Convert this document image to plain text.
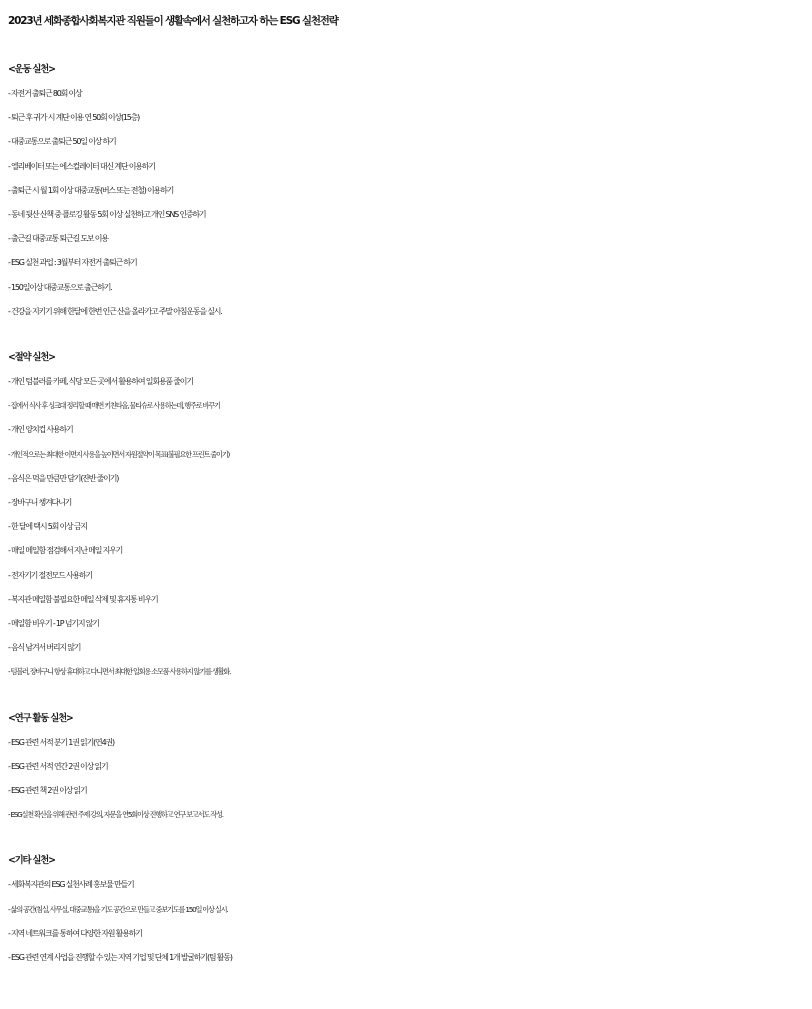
2023년 세화종합사회복지관 직원들이 생활속에서 실천하고자 하는 ESG 실천전략
<운동 실천>
- 자전거 출퇴근 80회 이상
- 퇴근 후 귀가 시 계단 이용 연 50회 이상(15층)
- 대중교통으로 출퇴근 50일 이상 하기
- 엘리베이터 또는 에스컬레이터 대신 계단 이용하기
- 출퇴근 시 월 1회 이상 대중교통(버스 또는 전철) 이용하기
- 동네 뒷산 산책 중 플로깅 활동 5회 이상 실천하고 개인 SNS 인증하기
- 출근길 대중교통 퇴근길 도보 이용
- ESG 실천 과업 : 3월부터 자전거 출퇴근 하기
- 150일이상 대중교통으로 출근하기.
- 건강을 지키기 위해 한달에 한번 인근 산을 올라가고 주말 아침운동을 실시.
<절약 실천>
- 개인 텀블러를 카페, 식당 모든 곳에서 활용하여 일회용품 줄이기
- 집에서 식사 후 싱크대 정리할 때 매번 키친타올, 물티슈로 사용하는데, 행주로 바꾸기
- 개인 양치컵 사용하기
- 개인적으로는 최대한 이면지 사용을 높이면서 자원절약이 목표(불필요한 프린트 줄이기)
- 음식은 먹을 만큼만 담기(잔반 줄이기)
- 장바구니 챙겨다니기
- 한 달에 택시 5회 이상 금지
- 매일 메일함 점검해서 지난 메일 지우기
- 전자기기 절전모드 사용하기
- 복지관 메일함 불필요한 메일 삭제 및 휴지통 비우기
- 메일함 비우기 - 1P 넘기지 않기
- 음식 남겨서 버리지 않기
- 텀블러, 장바구니 항상 휴대하고 다니면서 최대한 일회용 소모품 사용하지 않기를 생활화.
<연구 활동 실천>
- ESG 관련 서적 분기 1권 읽기(연4권)
- ESG 관련 서적 연간 2권 이상 읽기
- ESG 관련 책 2권 이상 읽기
- ESG실천 확산을 위해 관련 주제 강의, 자문을 연5회이상 진행하고 연구 보고서도 작성.
<기타 실천>
- 세화복지관의 ESG 실천사례 홍보물 만들기
- 삶의 공간(침실, 사무실, 대중교통)을 기도 공간으로 만들고 중보기도를 150일 이상 실시.
- 지역 네트워크를 통하여 다양한 자원 활용하기
- ESG 관련 연계 사업을 진행할 수 있는 지역 기업 및 단체 1개 발굴하기(팀 활동)
